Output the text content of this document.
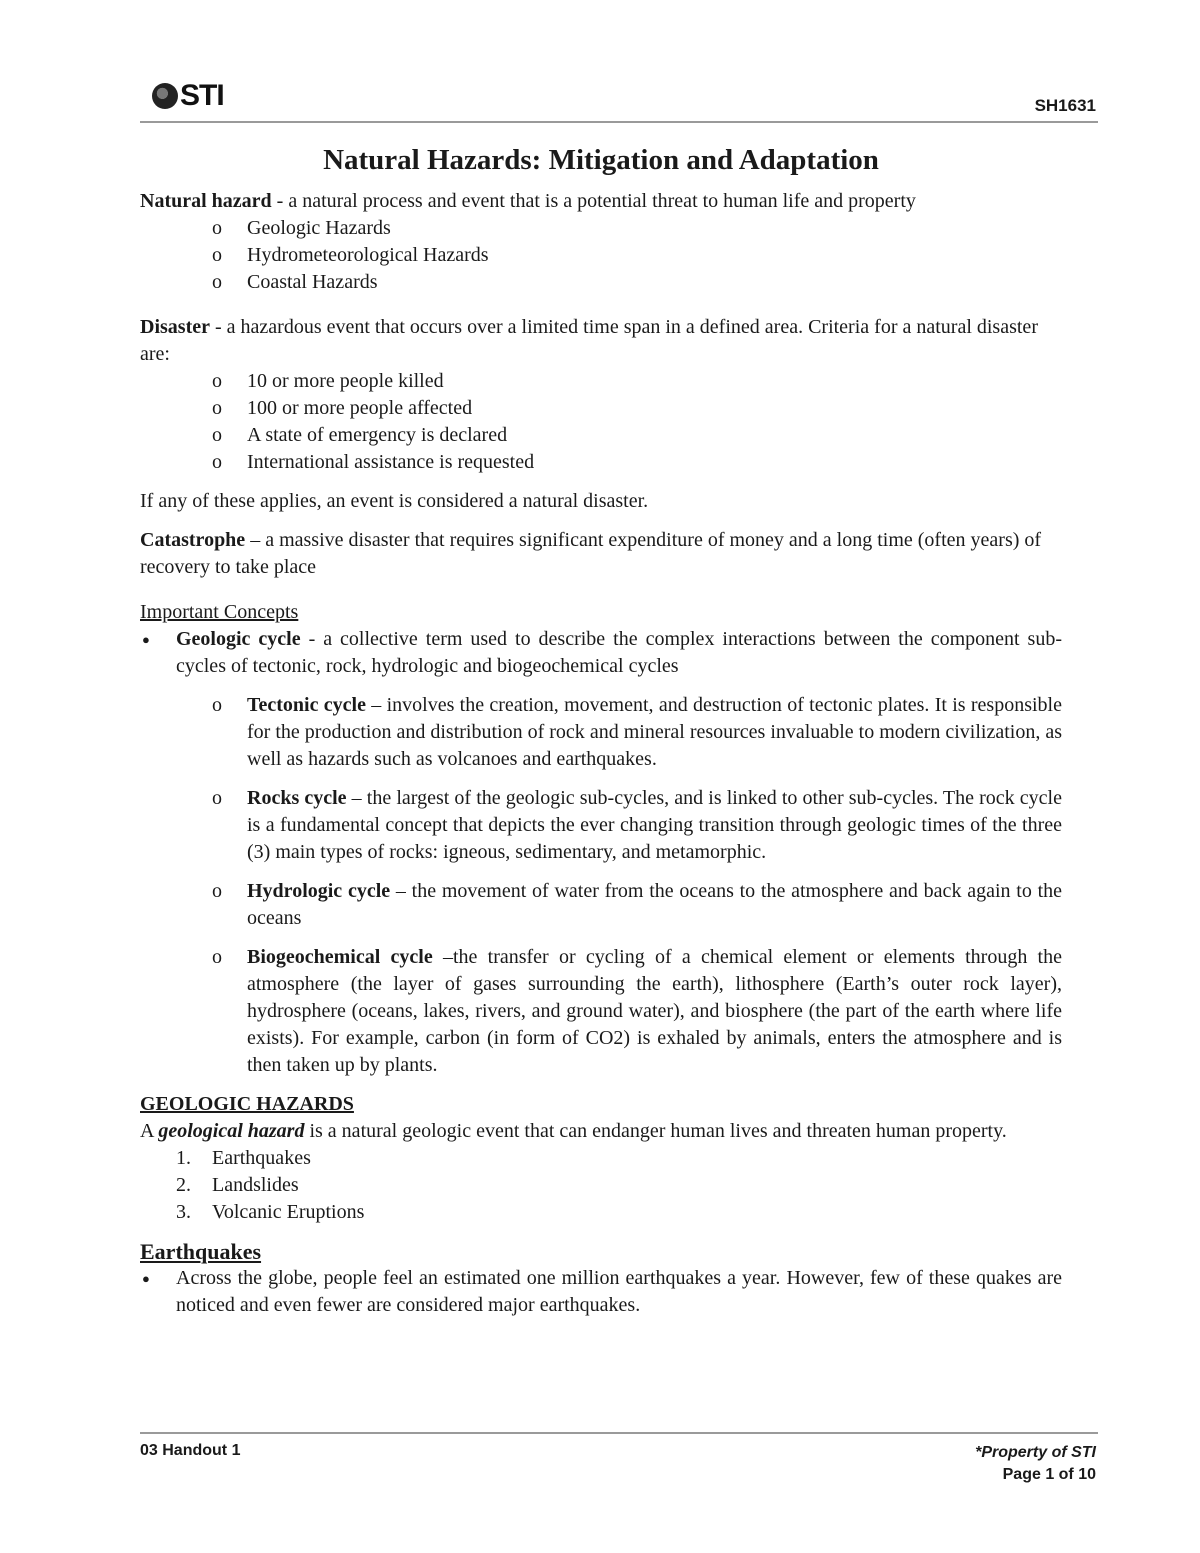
STI	SH1631
Natural Hazards: Mitigation and Adaptation

Natural hazard - a natural process and event that is a potential threat to human life and property

o Geologic Hazards
o Hydrometeorological Hazards
o Coastal Hazards

Disaster - a hazardous event that occurs over a limited time span in a defined area. Criteria for a natural disaster are:

o 10 or more people killed
o 100 or more people affected
o A state of emergency is declared
o International assistance is requested

If any of these applies, an event is considered a natural disaster.

Catastrophe – a massive disaster that requires significant expenditure of money and a long time (often years) of recovery to take place

Important Concepts

● Geologic cycle - a collective term used to describe the complex interactions between the component sub-cycles of tectonic, rock, hydrologic and biogeochemical cycles
o Tectonic cycle – involves the creation, movement, and destruction of tectonic plates. It is responsible for the production and distribution of rock and mineral resources invaluable to modern civilization, as well as hazards such as volcanoes and earthquakes.
o Rocks cycle – the largest of the geologic sub-cycles, and is linked to other sub-cycles. The rock cycle is a fundamental concept that depicts the ever changing transition through geologic times of the three (3) main types of rocks: igneous, sedimentary, and metamorphic.
o Hydrologic cycle – the movement of water from the oceans to the atmosphere and back again to the oceans
o Biogeochemical cycle –the transfer or cycling of a chemical element or elements through the atmosphere (the layer of gases surrounding the earth), lithosphere (Earth’s outer rock layer), hydrosphere (oceans, lakes, rivers, and ground water), and biosphere (the part of the earth where life exists). For example, carbon (in form of CO2) is exhaled by animals, enters the atmosphere and is then taken up by plants.

GEOLOGIC HAZARDS

A geological hazard is a natural geologic event that can endanger human lives and threaten human property.

1. Earthquakes
2. Landslides
3. Volcanic Eruptions

Earthquakes

● Across the globe, people feel an estimated one million earthquakes a year. However, few of these quakes are noticed and even fewer are considered major earthquakes.
03 Handout 1	*Property of STI
Page 1 of 10
